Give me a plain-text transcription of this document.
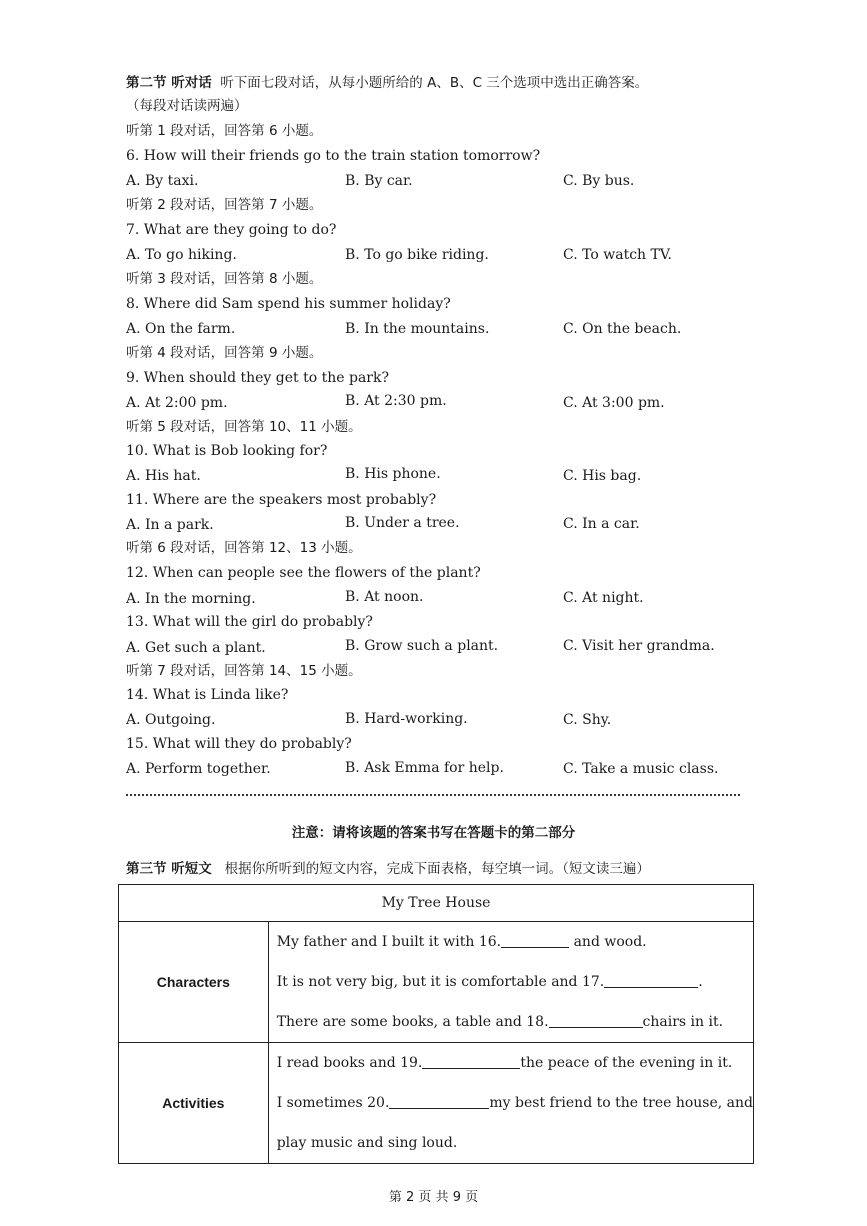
第二节 听对话 听下面七段对话，从每小题所给的 A、B、C 三个选项中选出正确答案。
（每段对话读两遍）
听第 1 段对话，回答第 6 小题。
6. How will their friends go to the train station tomorrow?
A. By taxi.	B. By car.	C. By bus.
听第 2 段对话，回答第 7 小题。
7. What are they going to do?
A. To go hiking.	B. To go bike riding.	C. To watch TV.
听第 3 段对话，回答第 8 小题。
8. Where did Sam spend his summer holiday?
A. On the farm.	B. In the mountains.	C. On the beach.
听第 4 段对话，回答第 9 小题。
9. When should they get to the park?
A. At 2:00 pm.	B. At 2:30 pm.	C. At 3:00 pm.
听第 5 段对话，回答第 10、11 小题。
10. What is Bob looking for?
A. His hat.	B. His phone.	C. His bag.
11. Where are the speakers most probably?
A. In a park.	B. Under a tree.	C. In a car.
听第 6 段对话，回答第 12、13 小题。
12. When can people see the flowers of the plant?
A. In the morning.	B. At noon.	C. At night.
13. What will the girl do probably?
A. Get such a plant.	B. Grow such a plant.	C. Visit her grandma.
听第 7 段对话，回答第 14、15 小题。
14. What is Linda like?
A. Outgoing.	B. Hard-working.	C. Shy.
15. What will they do probably?
A. Perform together.	B. Ask Emma for help.	C. Take a music class.
注意：请将该题的答案书写在答题卡的第二部分
第三节 听短文 根据你所听到的短文内容，完成下面表格，每空填一词。（短文读三遍）
My Tree House	
Characters	My father and I built it with 16. and wood.
It is not very big, but it is comfortable and 17. .
There are some books, a table and 18. chairs in it.

Activities	I read books and 19. the peace of the evening in it.
I sometimes 20. my best friend to the tree house, and
play music and sing loud.
第 2 页 共 9 页
